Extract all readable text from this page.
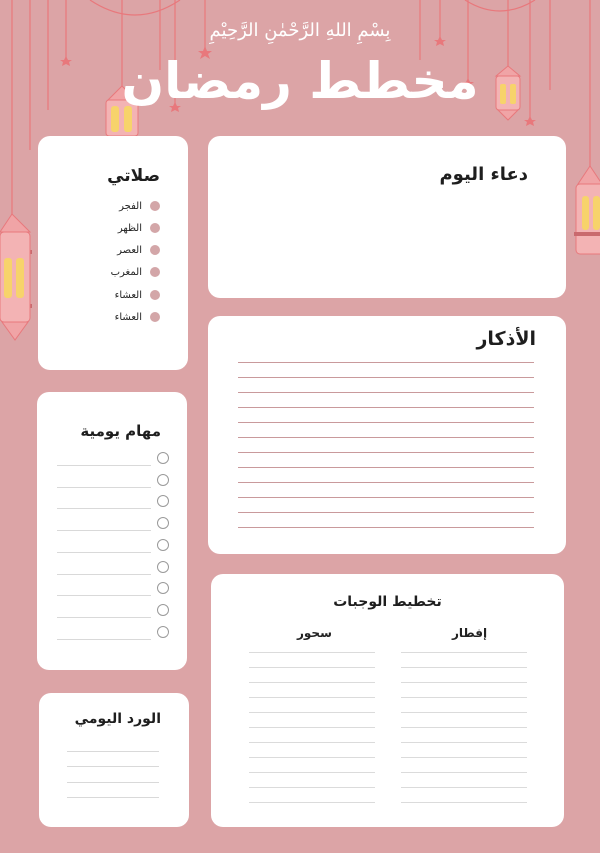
بِسْمِ اللهِ الرَّحْمٰنِ الرَّحِيْمِ
مخطط رمضان
صلاتي
الفجر
الظهر
العصر
المغرب
العشاء
العشاء
دعاء اليوم
الأذكار
مهام يومية
تخطيط الوجبات
إفطار
سحور
الورد اليومي
